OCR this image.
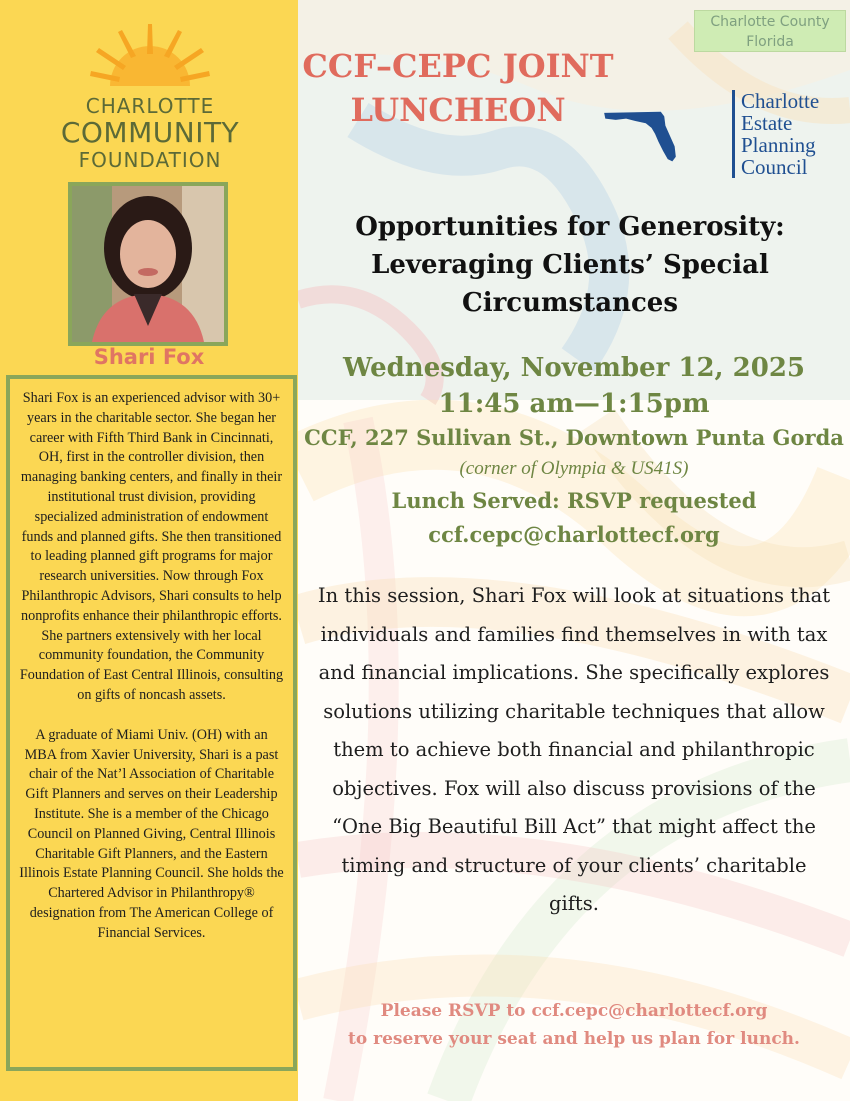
CHARLOTTE
COMMUNITY
FOUNDATION
Shari Fox

Shari Fox is an experienced advisor with 30+ years in the charitable sector. She began her career with Fifth Third Bank in Cincinnati, OH, first in the controller division, then managing banking centers, and finally in their institutional trust division, providing specialized administration of endowment funds and planned gifts. She then transitioned to leading planned gift programs for major research universities. Now through Fox Philanthropic Advisors, Shari consults to help nonprofits enhance their philanthropic efforts. She partners extensively with her local community foundation, the Community Foundation of East Central Illinois, consulting on gifts of noncash assets.

A graduate of Miami Univ. (OH) with an MBA from Xavier University, Shari is a past chair of the Nat’l Association of Charitable Gift Planners and serves on their Leadership Institute. She is a member of the Chicago Council on Planned Giving, Central Illinois Charitable Gift Planners, and the Eastern Illinois Estate Planning Council. She holds the Chartered Advisor in Philanthropy® designation from The American College of Financial Services.

Charlotte County Florida
CCF–CEPC JOINT
LUNCHEON	Charlotte
Estate
Planning
Council
Opportunities for Generosity:
Leveraging Clients’ Special
Circumstances
Wednesday, November 12, 2025
11:45 am—1:15pm
CCF, 227 Sullivan St., Downtown Punta Gorda
(corner of Olympia & US41S)
Lunch Served: RSVP requested
ccf.cepc@charlottecf.org
In this session, Shari Fox will look at situations that individuals and families find themselves in with tax and financial implications. She specifically explores solutions utilizing charitable techniques that allow them to achieve both financial and philanthropic objectives. Fox will also discuss provisions of the “One Big Beautiful Bill Act” that might affect the timing and structure of your clients’ charitable gifts.
Please RSVP to ccf.cepc@charlottecf.org
to reserve your seat and help us plan for lunch.
